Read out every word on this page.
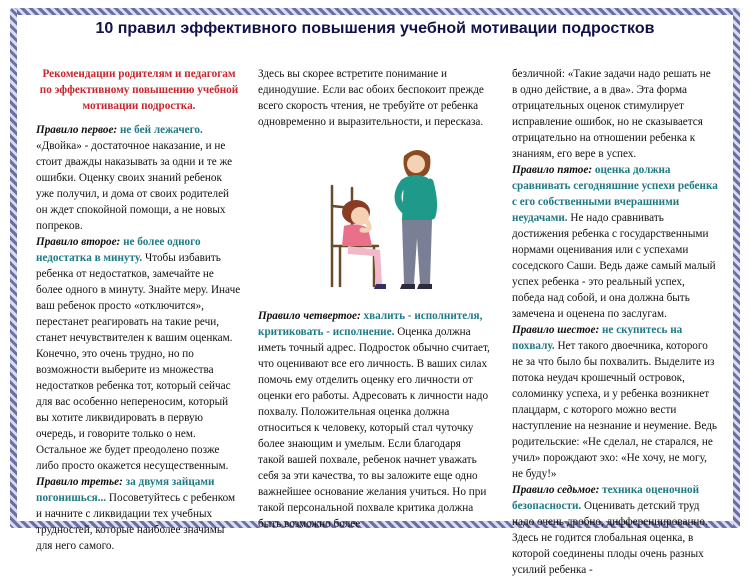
10 правил эффективного повышения учебной мотивации подростков

Рекомендации родителям и педагогам по эффективному повышению учебной мотивации подростка.

Правило первое: не бей лежачего. «Двойка» - достаточное наказание, и не стоит дважды наказывать за одни и те же ошибки. Оценку своих знаний ребенок уже получил, и дома от своих родителей он ждет спокойной помощи, а не новых попреков.

Правило второе: не более одного недостатка в минуту. Чтобы избавить ребенка от недостатков, замечайте не более одного в минуту. Знайте меру. Иначе ваш ребенок просто «отключится», перестанет реагировать на такие речи, станет нечувствителен к вашим оценкам. Конечно, это очень трудно, но по возможности выберите из множества недостатков ребенка тот, который сейчас для вас особенно непереносим, который вы хотите ликвидировать в первую очередь, и говорите только о нем. Остальное же будет преодолено позже либо просто окажется несущественным.

Правило третье: за двумя зайцами погонишься... Посоветуйтесь с ребенком и начните с ликвидации тех учебных трудностей, которые наиболее значимы для него самого.

Здесь вы скорее встретите понимание и единодушие. Если вас обоих беспокоит прежде всего скорость чтения, не требуйте от ребенка одновременно и выразительности, и пересказа.

Правило четвертое: хвалить - исполнителя, критиковать - исполнение. Оценка должна иметь точный адрес. Подросток обычно считает, что оценивают все его личность. В ваших силах помочь ему отделить оценку его личности от оценки его работы. Адресовать к личности надо похвалу. Положительная оценка должна относиться к человеку, который стал чуточку более знающим и умелым. Если благодаря такой вашей похвале, ребенок начнет уважать себя за эти качества, то вы заложите еще одно важнейшее основание желания учиться. Но при такой персональной похвале критика должна быть возможно более

безличной: «Такие задачи надо решать не в одно действие, а в два». Эта форма отрицательных оценок стимулирует исправление ошибок, но не сказывается отрицательно на отношении ребенка к знаниям, его вере в успех.

Правило пятое: оценка должна сравнивать сегодняшние успехи ребенка с его собственными вчерашними неудачами. Не надо сравнивать достижения ребенка с государственными нормами оценивания или с успехами соседского Саши. Ведь даже самый малый успех ребенка - это реальный успех, победа над собой, и она должна быть замечена и оценена по заслугам.

Правило шестое: не скупитесь на похвалу. Нет такого двоечника, которого не за что было бы похвалить. Выделите из потока неудач крошечный островок, соломинку успеха, и у ребенка возникнет плацдарм, с которого можно вести наступление на незнание и неумение. Ведь родительские: «Не сделал, не старался, не учил» порождают эхо: «Не хочу, не могу, не буду!»

Правило седьмое: техника оценочной безопасности. Оценивать детский труд надо очень дробно, дифференцированно. Здесь не годится глобальная оценка, в которой соединены плоды очень разных усилий ребенка -
